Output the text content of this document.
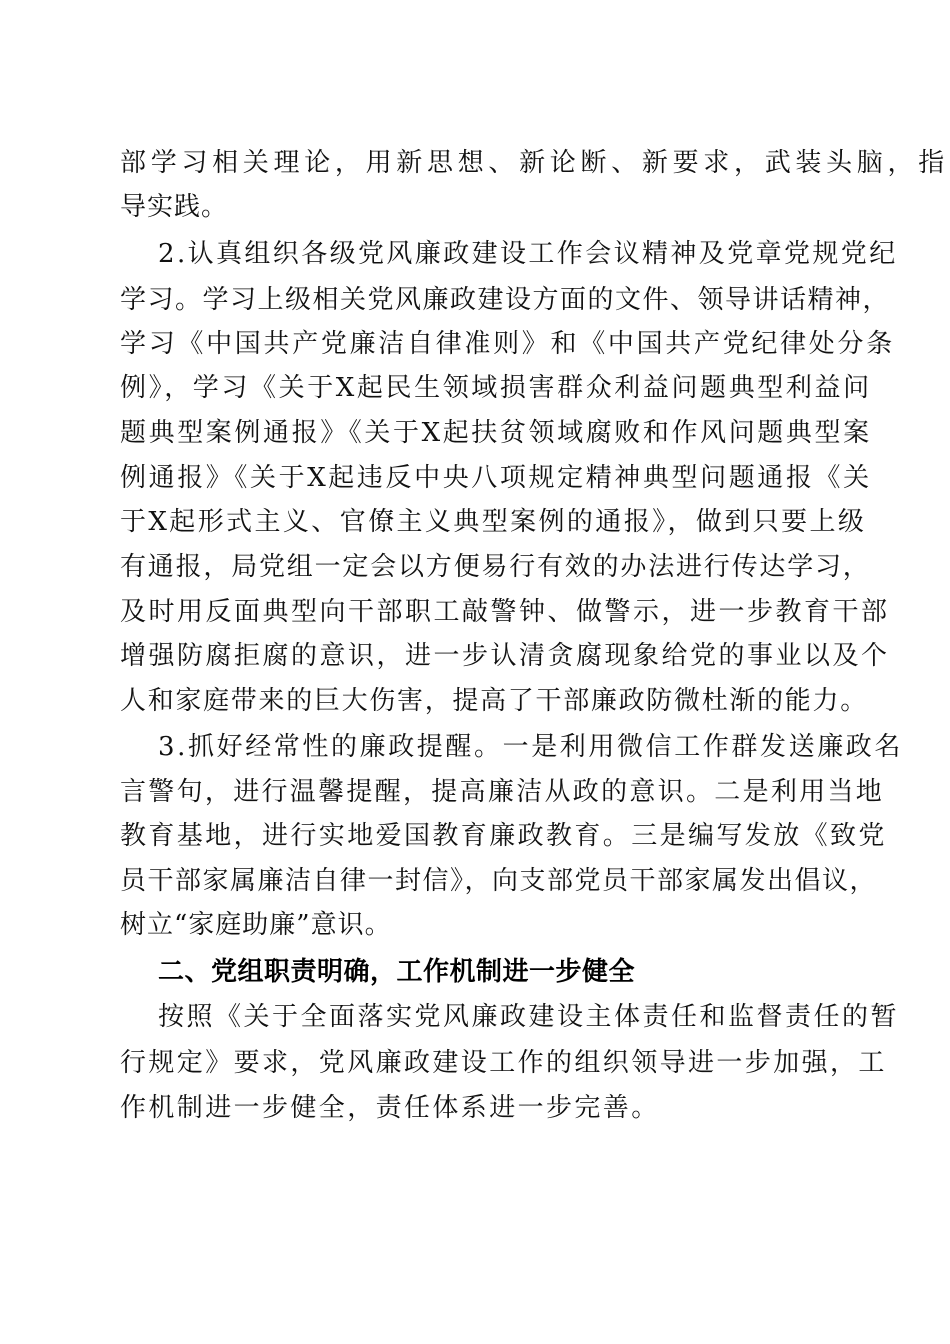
部学习相关理论，用新思想、新论断、新要求，武装头脑，指
导实践。
2.认真组织各级党风廉政建设工作会议精神及党章党规党纪
学习。学习上级相关党风廉政建设方面的文件、领导讲话精神，
学习《中国共产党廉洁自律准则》和《中国共产党纪律处分条
例》，学习《关于X起民生领域损害群众利益问题典型利益问
题典型案例通报》《关于X起扶贫领域腐败和作风问题典型案
例通报》《关于X起违反中央八项规定精神典型问题通报《关
于X起形式主义、官僚主义典型案例的通报》，做到只要上级
有通报，局党组一定会以方便易行有效的办法进行传达学习，
及时用反面典型向干部职工敲警钟、做警示，进一步教育干部
增强防腐拒腐的意识，进一步认清贪腐现象给党的事业以及个
人和家庭带来的巨大伤害，提高了干部廉政防微杜渐的能力。
3.抓好经常性的廉政提醒。一是利用微信工作群发送廉政名
言警句，进行温馨提醒，提高廉洁从政的意识。二是利用当地
教育基地，进行实地爱国教育廉政教育。三是编写发放《致党
员干部家属廉洁自律一封信》，向支部党员干部家属发出倡议，
树立“家庭助廉”意识。
二、党组职责明确，工作机制进一步健全
按照《关于全面落实党风廉政建设主体责任和监督责任的暂
行规定》要求，党风廉政建设工作的组织领导进一步加强，工
作机制进一步健全，责任体系进一步完善。
